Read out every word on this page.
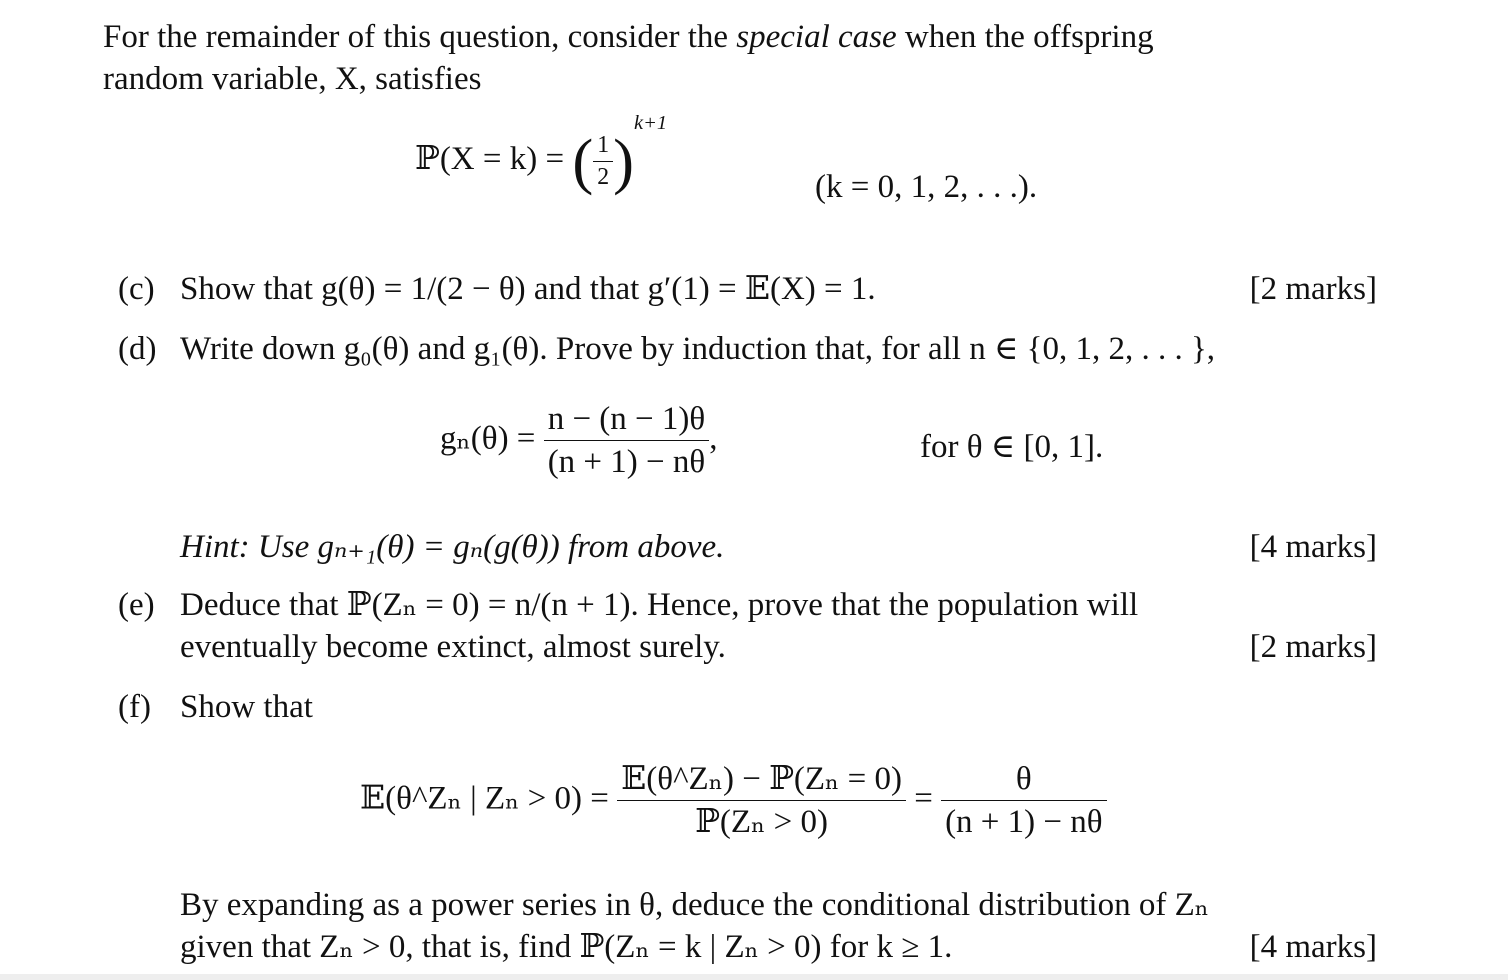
For the remainder of this question, consider the special case when the offspring
random variable, X, satisfies
ℙ(X = k) = ( $\frac{1}{2} )^{k+1}$
(k = 0, 1, 2, . . .).
(c) Show that g(θ) = 1/(2 − θ) and that g′(1) = 𝔼(X) = 1.	[2 marks]
(d) Write down g₀(θ) and g₁(θ). Prove by induction that, for all n ∈ {0, 1, 2, . . . },
$g_n(\theta) = \frac{n - (n - 1)\theta}{(n + 1) - n\theta}$ ,	for θ ∈ [0, 1].
Hint: Use gₙ₊₁(θ) = gₙ(g(θ)) from above.	[4 marks]
(e) Deduce that ℙ(Zₙ = 0) = n/(n + 1). Hence, prove that the population will
eventually become extinct, almost surely.	[2 marks]
(f) Show that
𝔼(θ^Zₙ | $Z_n > 0) = \frac{\text{𝔼(θ\textasciicircum{}Zₙ) − ℙ(Zₙ = 0)}}{\text{ℙ(Zₙ > 0)}} = \frac{\theta}{(n + 1) - n\theta}$
By expanding as a power series in θ, deduce the conditional distribution of Zₙ
given that Zₙ > 0, that is, find ℙ(Zₙ = k | Zₙ > 0) for k ≥ 1.	[4 marks]
